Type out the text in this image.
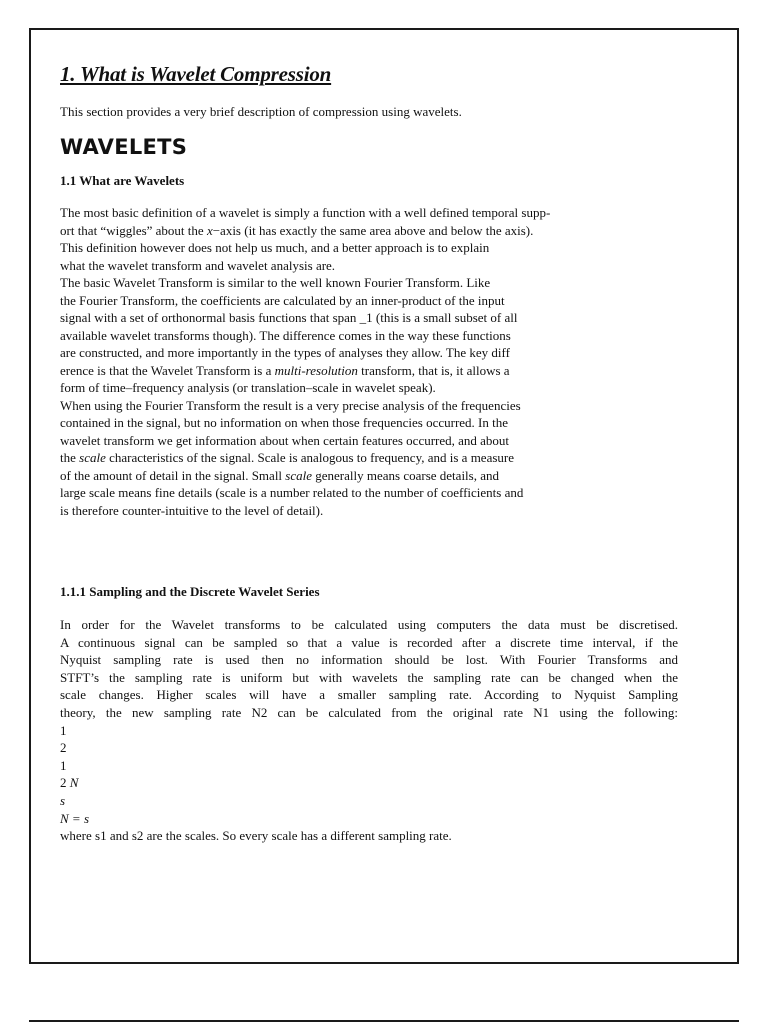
1. What is Wavelet Compression
This section provides a very brief description of compression using wavelets.
WAVELETS
1.1 What are Wavelets
The most basic definition of a wavelet is simply a function with a well defined temporal supp-
ort that “wiggles” about the x−axis (it has exactly the same area above and below the axis).
This definition however does not help us much, and a better approach is to explain
what the wavelet transform and wavelet analysis are.
The basic Wavelet Transform is similar to the well known Fourier Transform. Like
the Fourier Transform, the coefficients are calculated by an inner-product of the input
signal with a set of orthonormal basis functions that span _1 (this is a small subset of all
available wavelet transforms though). The difference comes in the way these functions
are constructed, and more importantly in the types of analyses they allow. The key diff
erence is that the Wavelet Transform is a multi-resolution transform, that is, it allows a
form of time–frequency analysis (or translation–scale in wavelet speak).
When using the Fourier Transform the result is a very precise analysis of the frequencies
contained in the signal, but no information on when those frequencies occurred. In the
wavelet transform we get information about when certain features occurred, and about
the scale characteristics of the signal. Scale is analogous to frequency, and is a measure
of the amount of detail in the signal. Small scale generally means coarse details, and
large scale means fine details (scale is a number related to the number of coefficients and
is therefore counter-intuitive to the level of detail).
1.1.1 Sampling and the Discrete Wavelet Series
In order for the Wavelet transforms to be calculated using computers the data must be discretised.
A continuous signal can be sampled so that a value is recorded after a discrete time interval, if the
Nyquist sampling rate is used then no information should be lost. With Fourier Transforms and
STFT’s the sampling rate is uniform but with wavelets the sampling rate can be changed when the
scale changes. Higher scales will have a smaller sampling rate. According to Nyquist Sampling
theory, the new sampling rate N2 can be calculated from the original rate N1 using the following:
1
2
1
2 N
s
N = s
where s1 and s2 are the scales. So every scale has a different sampling rate.
